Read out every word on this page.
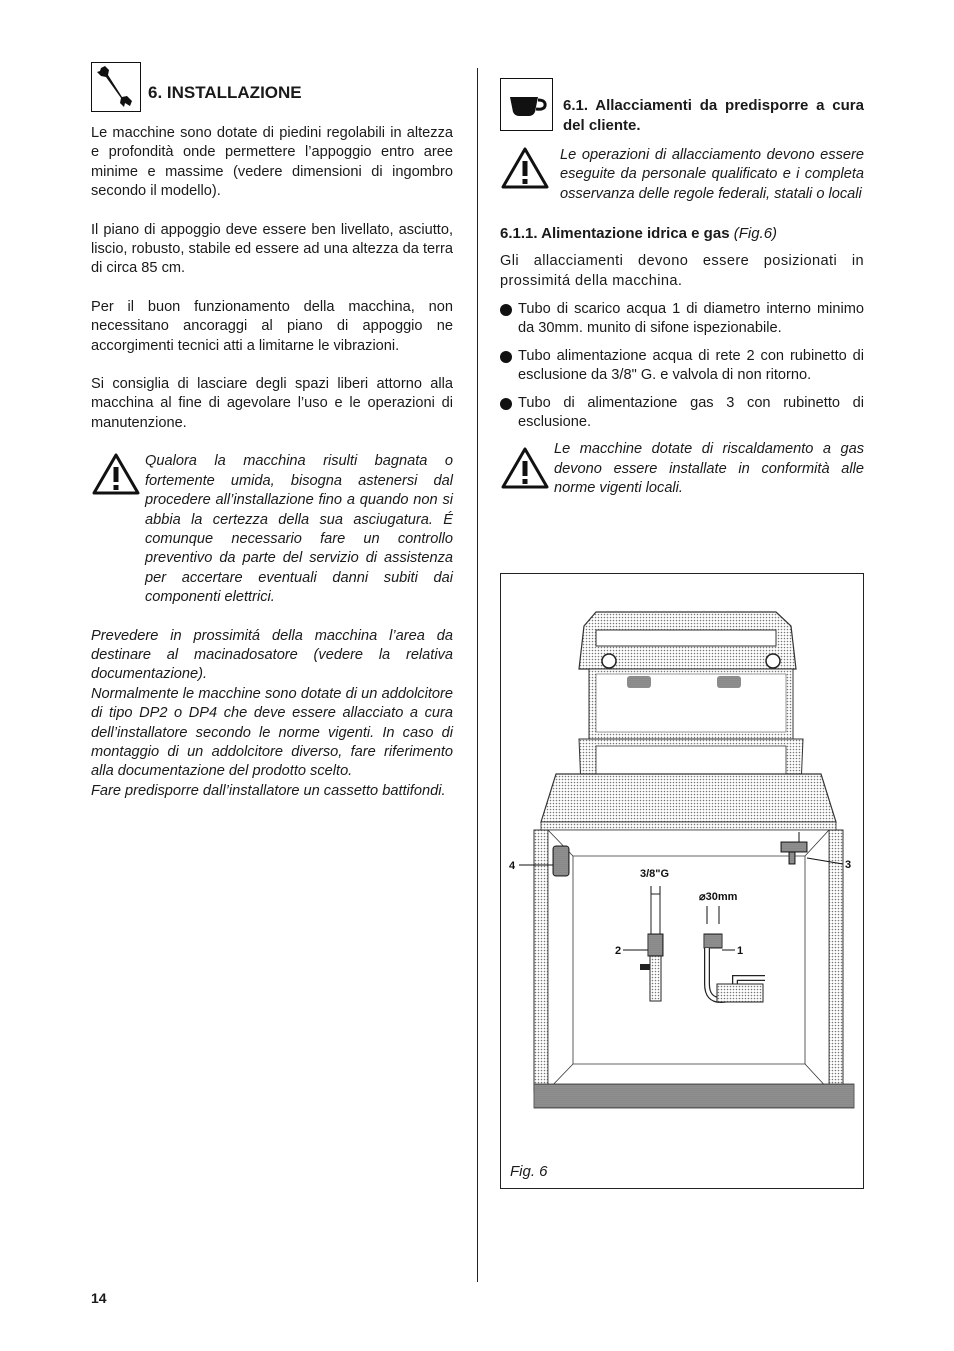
6. INSTALLAZIONE

Le macchine sono dotate di piedini regolabili in altezza e profondità onde permettere l’appoggio entro aree minime e massime (vedere dimensioni di ingombro secondo il modello).

Il piano di appoggio deve essere ben livellato, asciutto, liscio, robusto, stabile ed essere ad una altezza da terra di circa 85 cm.

Per il buon funzionamento della macchina, non necessitano ancoraggi al piano di appoggio ne accorgimenti tecnici atti a limitarne le vibrazioni.

Si consiglia di lasciare degli spazi liberi attorno alla macchina al fine di agevolare l’uso e le operazioni di manutenzione.

Qualora la macchina risulti bagnata o fortemente umida, bisogna astenersi dal procedere all’installazione fino a quando non si abbia la certezza della sua asciugatura. É comunque necessario fare un controllo preventivo da parte del servizio di assistenza per accertare eventuali danni subiti dai componenti elettrici.

Prevedere in prossimitá della macchina l’area da destinare al macinadosatore (vedere la relativa documentazione).

Normalmente le macchine sono dotate di un addolcitore di tipo DP2 o DP4 che deve essere allacciato a cura dell’installatore secondo le norme vigenti. In caso di montaggio di un addolcitore diverso, fare riferimento alla documentazione del prodotto scelto.

Fare predisporre dall’installatore un cassetto battifondi.

6.1. Allacciamenti da predisporre a cura del cliente.

Le operazioni di allacciamento devono essere eseguite da personale qualificato e i completa osservanza delle regole federali, statali o locali

6.1.1. Alimentazione idrica e gas (Fig.6)

Gli allacciamenti devono essere posizionati in prossimitá della macchina.

Tubo di scarico acqua 1 di diametro interno minimo da 30mm. munito di sifone ispezionabile.
Tubo alimentazione acqua di rete 2 con rubinetto di esclusione da 3/8" G. e valvola di non ritorno.
Tubo di alimentazione gas 3 con rubinetto di esclusione.

Le macchine dotate di riscaldamento a gas devono essere installate in conformità alle norme vigenti locali.

4	3
3/8"G
2
⌀30mm
1

Fig. 6

14
